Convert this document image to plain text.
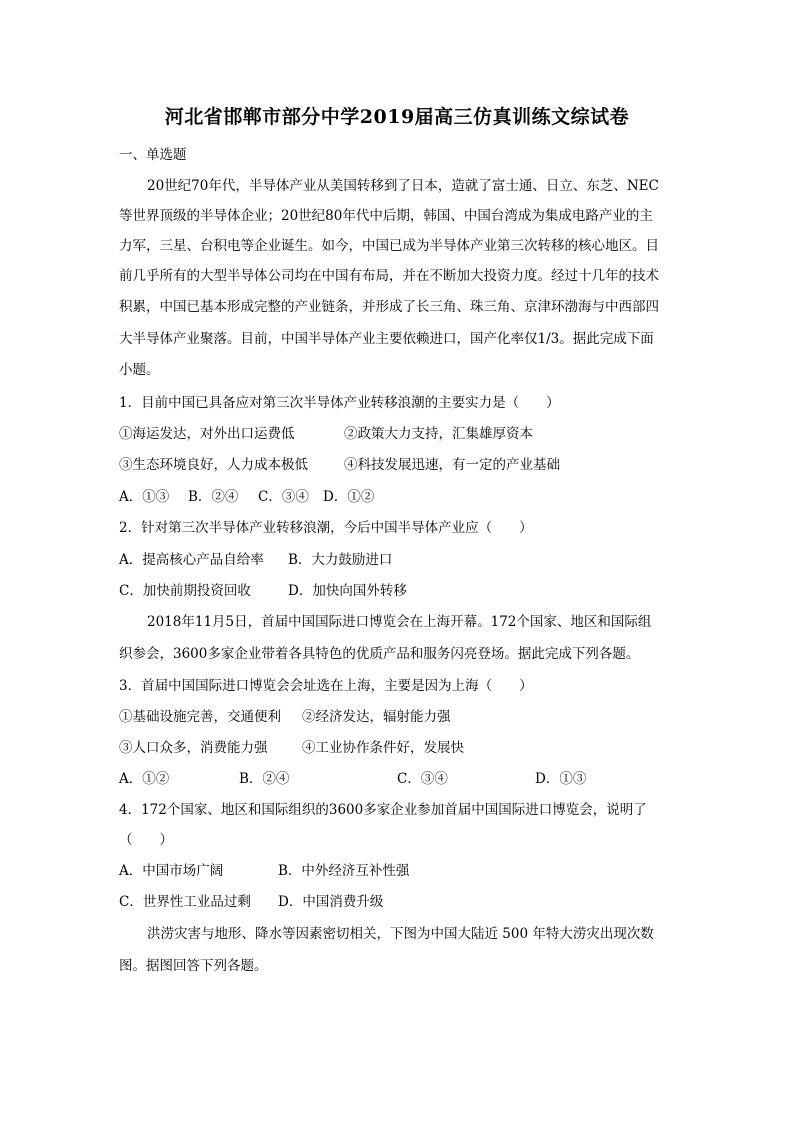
河北省邯郸市部分中学2019届高三仿真训练文综试卷
一、单选题
20世纪70年代，半导体产业从美国转移到了日本，造就了富士通、日立、东芝、NEC
等世界顶级的半导体企业；20世纪80年代中后期，韩国、中国台湾成为集成电路产业的主
力军，三星、台积电等企业诞生。如今，中国已成为半导体产业第三次转移的核心地区。目
前几乎所有的大型半导体公司均在中国有布局，并在不断加大投资力度。经过十几年的技术
积累，中国已基本形成完整的产业链条，并形成了长三角、珠三角、京津环渤海与中西部四
大半导体产业聚落。目前，中国半导体产业主要依赖进口，国产化率仅1/3。据此完成下面
小题。
1．目前中国已具备应对第三次半导体产业转移浪潮的主要实力是（　　）
①海运发达，对外出口运费低	②政策大力支持，汇集雄厚资本
③生态环境良好，人力成本极低	④科技发展迅速，有一定的产业基础
A．①③ B．②④ C．③④ D．①②
2．针对第三次半导体产业转移浪潮，今后中国半导体产业应（　　）
A．提高核心产品自给率 B．大力鼓励进口
C．加快前期投资回收	D．加快向国外转移
2018年11月5日，首届中国国际进口博览会在上海开幕。172个国家、地区和国际组
织参会，3600多家企业带着各具特色的优质产品和服务闪亮登场。据此完成下列各题。
3．首届中国国际进口博览会会址选在上海，主要是因为上海（　　）
①基础设施完善，交通便利 ②经济发达，辐射能力强
③人口众多，消费能力强	④工业协作条件好，发展快
A．①②	B．②④	C．③④	D．①③
4．172个国家、地区和国际组织的3600多家企业参加首届中国国际进口博览会，说明了
（　　）
A．中国市场广阔	B．中外经济互补性强
C．世界性工业品过剩 D．中国消费升级
洪涝灾害与地形、降水等因素密切相关，下图为中国大陆近 500 年特大涝灾出现次数
图。据图回答下列各题。
